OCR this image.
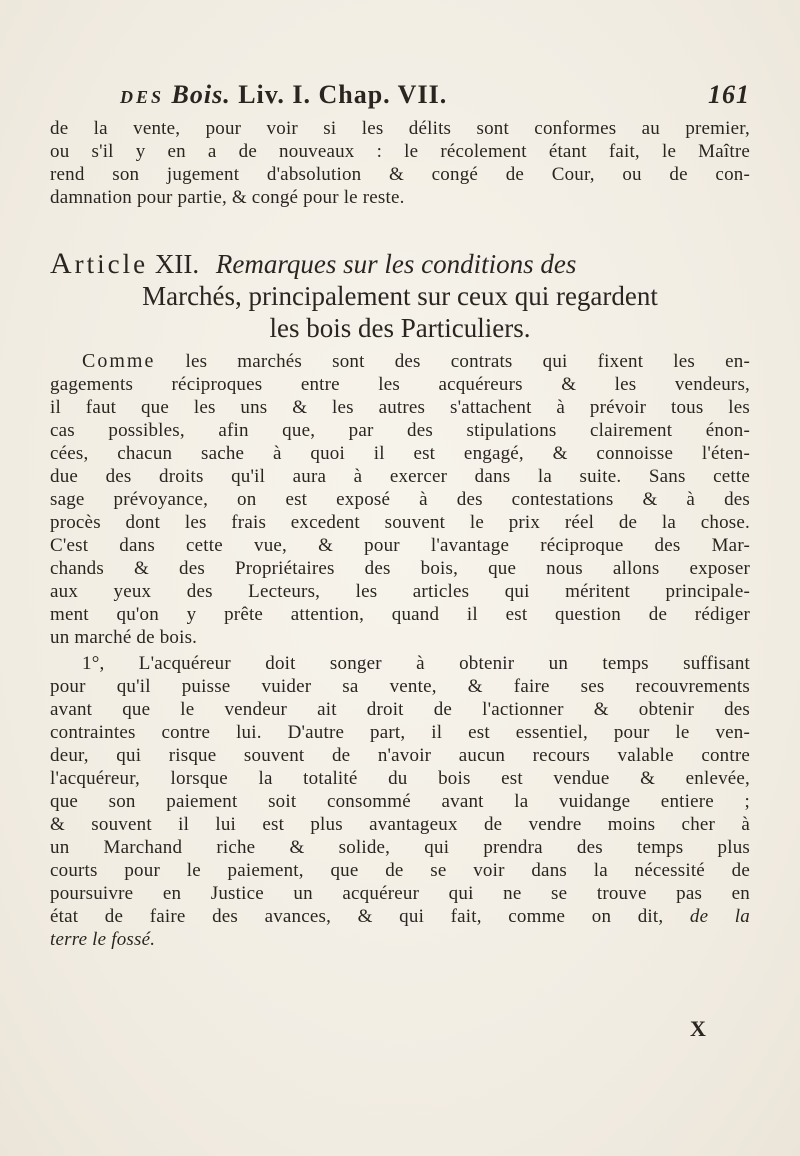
DES Bois. Liv. I. Chap. VII.	161
de la vente, pour voir si les délits sont conformes au premier,
ou s'il y en a de nouveaux : le récolement étant fait, le Maître
rend son jugement d'absolution & congé de Cour, ou de con-
damnation pour partie, & congé pour le reste.
Article XII. Remarques sur les conditions des
Marchés, principalement sur ceux qui regardent
les bois des Particuliers.
Comme les marchés sont des contrats qui fixent les en-
gagements réciproques entre les acquéreurs & les vendeurs,
il faut que les uns & les autres s'attachent à prévoir tous les
cas possibles, afin que, par des stipulations clairement énon-
cées, chacun sache à quoi il est engagé, & connoisse l'éten-
due des droits qu'il aura à exercer dans la suite. Sans cette
sage prévoyance, on est exposé à des contestations & à des
procès dont les frais excedent souvent le prix réel de la chose.
C'est dans cette vue, & pour l'avantage réciproque des Mar-
chands & des Propriétaires des bois, que nous allons exposer
aux yeux des Lecteurs, les articles qui méritent principale-
ment qu'on y prête attention, quand il est question de rédiger
un marché de bois.
1°, L'acquéreur doit songer à obtenir un temps suffisant
pour qu'il puisse vuider sa vente, & faire ses recouvrements
avant que le vendeur ait droit de l'actionner & obtenir des
contraintes contre lui. D'autre part, il est essentiel, pour le ven-
deur, qui risque souvent de n'avoir aucun recours valable contre
l'acquéreur, lorsque la totalité du bois est vendue & enlevée,
que son paiement soit consommé avant la vuidange entiere ;
& souvent il lui est plus avantageux de vendre moins cher à
un Marchand riche & solide, qui prendra des temps plus
courts pour le paiement, que de se voir dans la nécessité de
poursuivre en Justice un acquéreur qui ne se trouve pas en
état de faire des avances, & qui fait, comme on dit, de la
terre le fossé.
X
